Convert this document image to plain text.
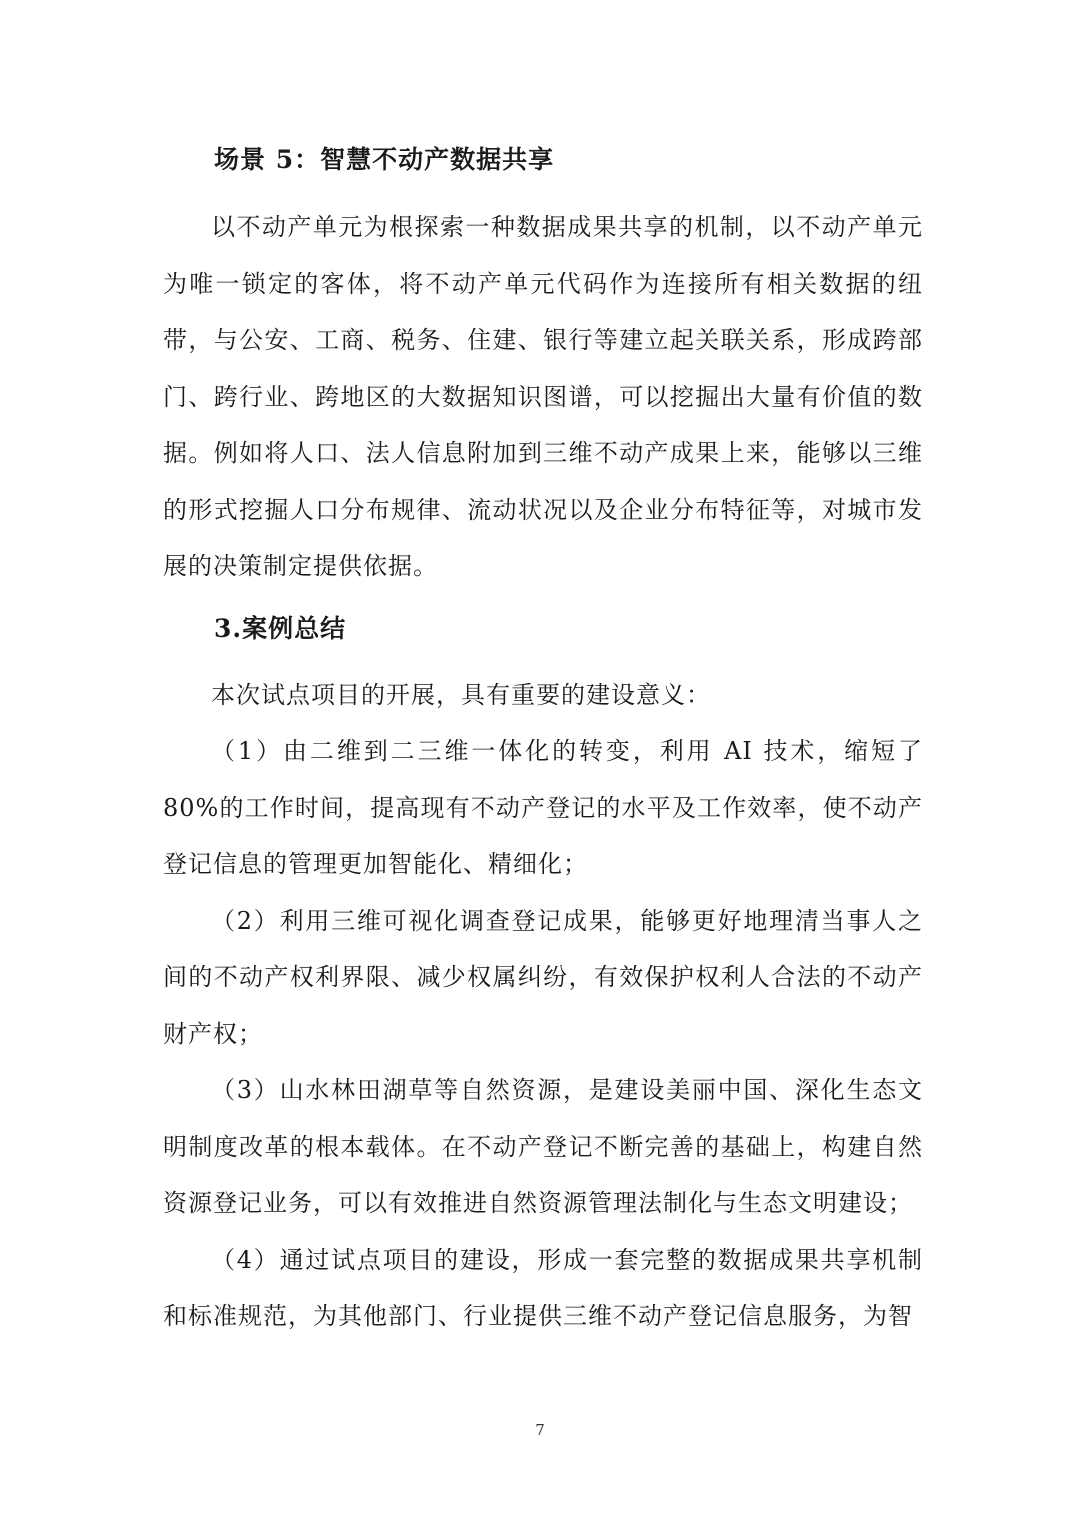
场景 5：智慧不动产数据共享

以不动产单元为根探索一种数据成果共享的机制，以不动产单元为唯一锁定的客体，将不动产单元代码作为连接所有相关数据的纽带，与公安、工商、税务、住建、银行等建立起关联关系，形成跨部门、跨行业、跨地区的大数据知识图谱，可以挖掘出大量有价值的数据。例如将人口、法人信息附加到三维不动产成果上来，能够以三维的形式挖掘人口分布规律、流动状况以及企业分布特征等，对城市发展的决策制定提供依据。

3.案例总结

本次试点项目的开展，具有重要的建设意义：

（1）由二维到二三维一体化的转变，利用 AI 技术，缩短了 80%的工作时间，提高现有不动产登记的水平及工作效率，使不动产登记信息的管理更加智能化、精细化；

（2）利用三维可视化调查登记成果，能够更好地理清当事人之间的不动产权利界限、减少权属纠纷，有效保护权利人合法的不动产财产权；

（3）山水林田湖草等自然资源，是建设美丽中国、深化生态文明制度改革的根本载体。在不动产登记不断完善的基础上，构建自然资源登记业务，可以有效推进自然资源管理法制化与生态文明建设；

（4）通过试点项目的建设，形成一套完整的数据成果共享机制和标准规范，为其他部门、行业提供三维不动产登记信息服务，为智

7
